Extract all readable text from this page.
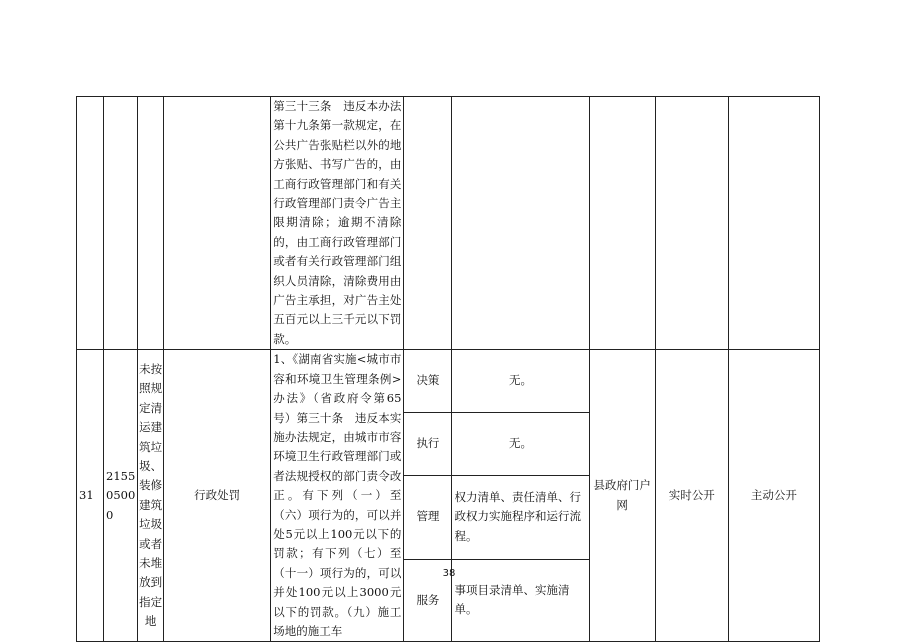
				第三十三条　违反本办法第十九条第一款规定，在公共广告张贴栏以外的地方张贴、书写广告的，由工商行政管理部门和有关行政管理部门责令广告主限期清除；逾期不清除的，由工商行政管理部门或者有关行政管理部门组织人员清除，清除费用由广告主承担，对广告主处五百元以上三千元以下罚款。					
31	215505000	未按照规定清运建筑垃圾、装修建筑垃圾或者未堆放到指定地	行政处罚	1、《湖南省实施<城市市容和环境卫生管理条例>办法》（省政府令第65号）第三十条　违反本实施办法规定，由城市市容环境卫生行政管理部门或者法规授权的部门责令改正。有下列（一）至（六）项行为的，可以并处5元以上100元以下的罚款；有下列（七）至（十一）项行为的，可以并处100元以上3000元以下的罚款。（九）施工场地的施工车	决策	无。	县政府门户网	实时公开	主动公开
					执行	无。			
					管理	权力清单、责任清单、行政权力实施程序和运行流程。			
					服务	事项目录清单、实施清单。			
38
